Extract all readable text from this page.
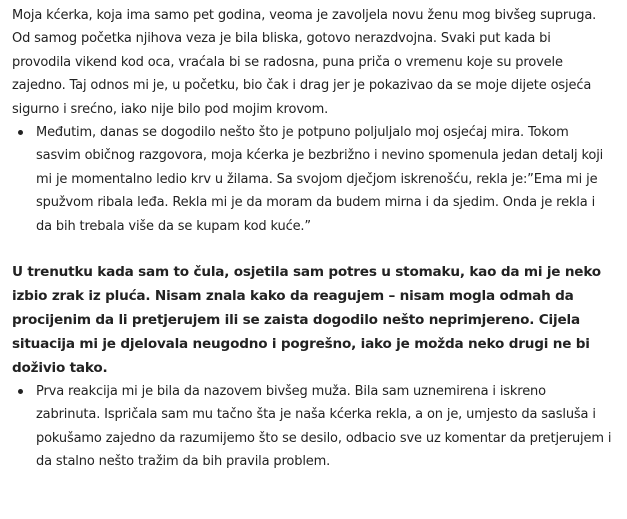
Moja kćerka, koja ima samo pet godina, veoma je zavoljela novu ženu mog bivšeg supruga. Od samog početka njihova veza je bila bliska, gotovo nerazdvojna. Svaki put kada bi provodila vikend kod oca, vraćala bi se radosna, puna priča o vremenu koje su provele zajedno. Taj odnos mi je, u početku, bio čak i drag jer je pokazivao da se moje dijete osjeća sigurno i srećno, iako nije bilo pod mojim krovom.

Međutim, danas se dogodilo nešto što je potpuno poljuljalo moj osjećaj mira. Tokom sasvim običnog razgovora, moja kćerka je bezbrižno i nevino spomenula jedan detalj koji mi je momentalno ledio krv u žilama. Sa svojom dječjom iskrenošću, rekla je:”Ema mi je spužvom ribala leđa. Rekla mi je da moram da budem mirna i da sjedim. Onda je rekla i da bih trebala više da se kupam kod kuće.”

U trenutku kada sam to čula, osjetila sam potres u stomaku, kao da mi je neko izbio zrak iz pluća. Nisam znala kako da reagujem – nisam mogla odmah da procijenim da li pretjerujem ili se zaista dogodilo nešto neprimjereno. Cijela situacija mi je djelovala neugodno i pogrešno, iako je možda neko drugi ne bi doživio tako.

Prva reakcija mi je bila da nazovem bivšeg muža. Bila sam uznemirena i iskreno zabrinuta. Ispričala sam mu tačno šta je naša kćerka rekla, a on je, umjesto da sasluša i pokušamo zajedno da razumijemo što se desilo, odbacio sve uz komentar da pretjerujem i da stalno nešto tražim da bih pravila problem.
